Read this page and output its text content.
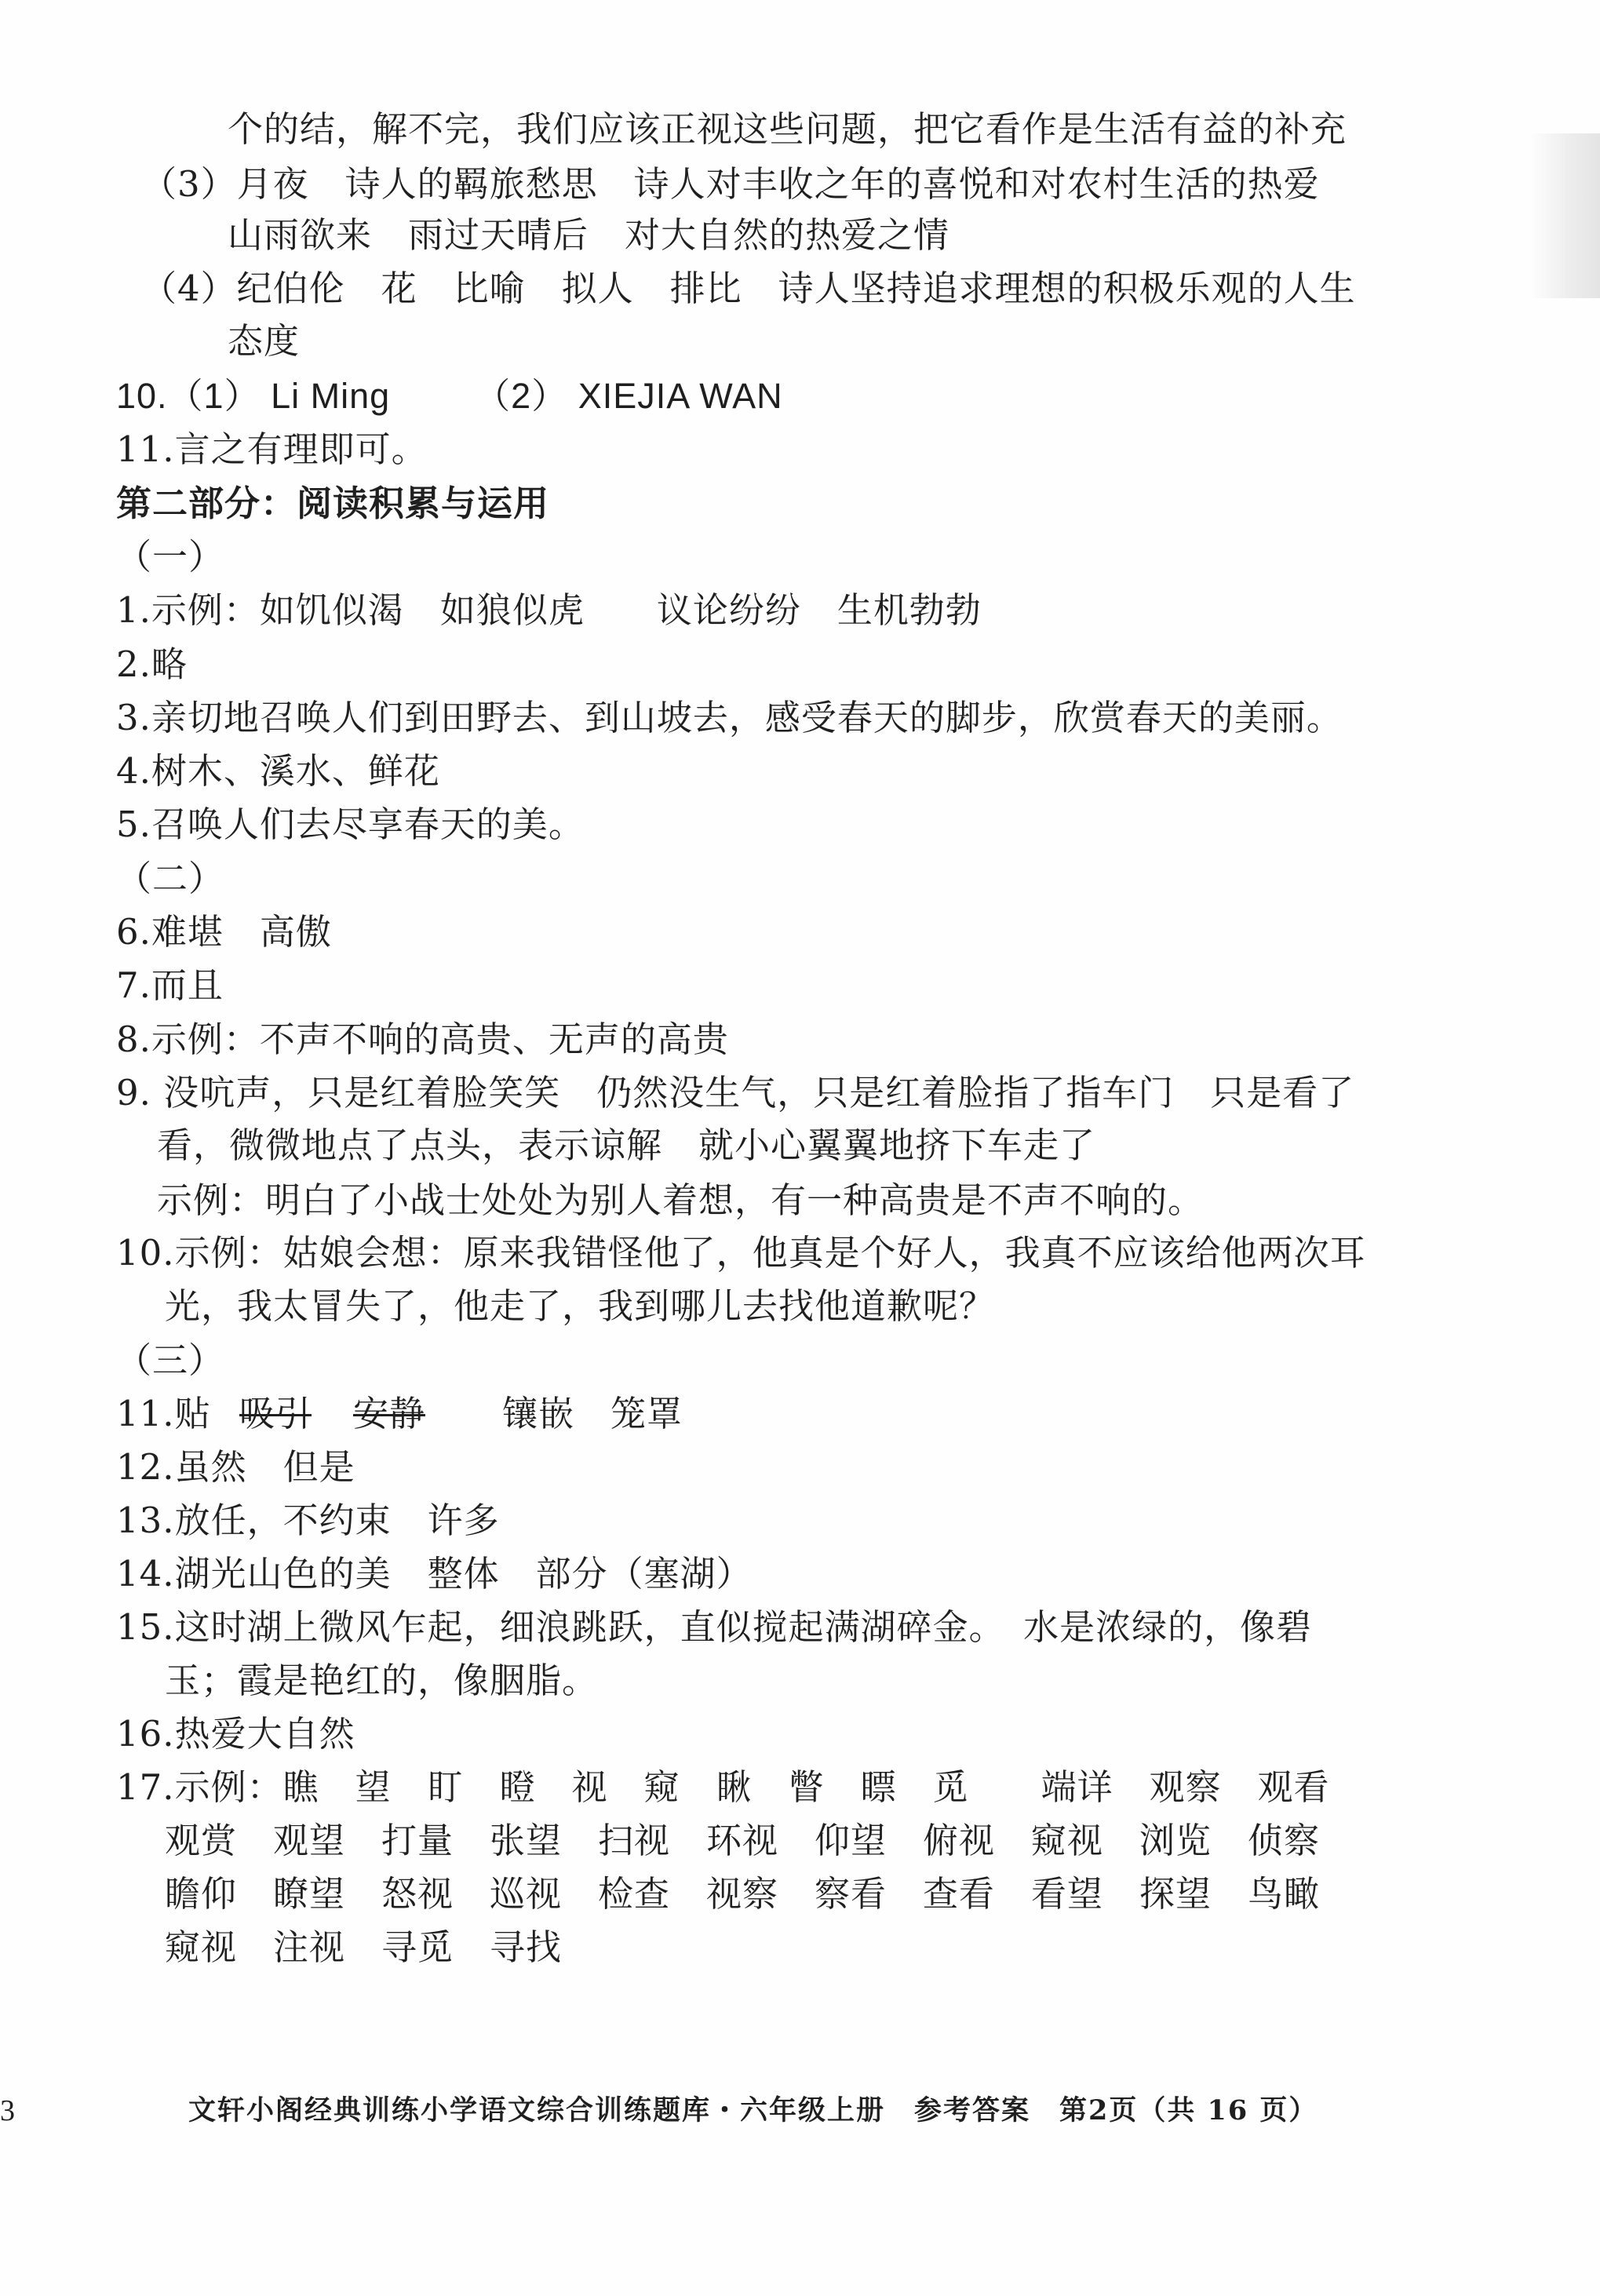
个的结，解不完，我们应该正视这些问题，把它看作是生活有益的补充
（3）月夜　诗人的羁旅愁思　诗人对丰收之年的喜悦和对农村生活的热爱
山雨欲来　雨过天晴后　对大自然的热爱之情
（4）纪伯伦　花　比喻　拟人　排比　诗人坚持追求理想的积极乐观的人生
态度
10.（1） Li Ming        （2） XIEJIA WAN
11.言之有理即可。
第二部分：阅读积累与运用
（一）
1.示例：如饥似渴　如狼似虎　　议论纷纷　生机勃勃
2.略
3.亲切地召唤人们到田野去、到山坡去，感受春天的脚步，欣赏春天的美丽。
4.树木、溪水、鲜花
5.召唤人们去尽享春天的美。
（二）
6.难堪　高傲
7.而且
8.示例：不声不响的高贵、无声的高贵
9. 没吭声，只是红着脸笑笑　仍然没生气，只是红着脸指了指车门　只是看了
看，微微地点了点头，表示谅解　就小心翼翼地挤下车走了
示例：明白了小战士处处为别人着想，有一种高贵是不声不响的。
10.示例：姑娘会想：原来我错怪他了，他真是个好人，我真不应该给他两次耳
光，我太冒失了，他走了，我到哪儿去找他道歉呢？
（三）
11.贴 吸引 安静 镶嵌　笼罩
12.虽然　但是
13.放任，不约束　许多
14.湖光山色的美　整体　部分（塞湖）
15.这时湖上微风乍起，细浪跳跃，直似搅起满湖碎金。　水是浓绿的，像碧
玉；霞是艳红的，像胭脂。
16.热爱大自然
17.示例：瞧　望　盯　瞪　视　窥　瞅　瞥　瞟　觅　　端详　观察　观看
观赏　观望　打量　张望　扫视　环视　仰望　俯视　窥视　浏览　侦察
瞻仰　瞭望　怒视　巡视　检查　视察　察看　查看　看望　探望　鸟瞰
窥视　注视　寻觅　寻找
3	文轩小阁经典训练小学语文综合训练题库・六年级上册　参考答案　第2页（共 16 页）
